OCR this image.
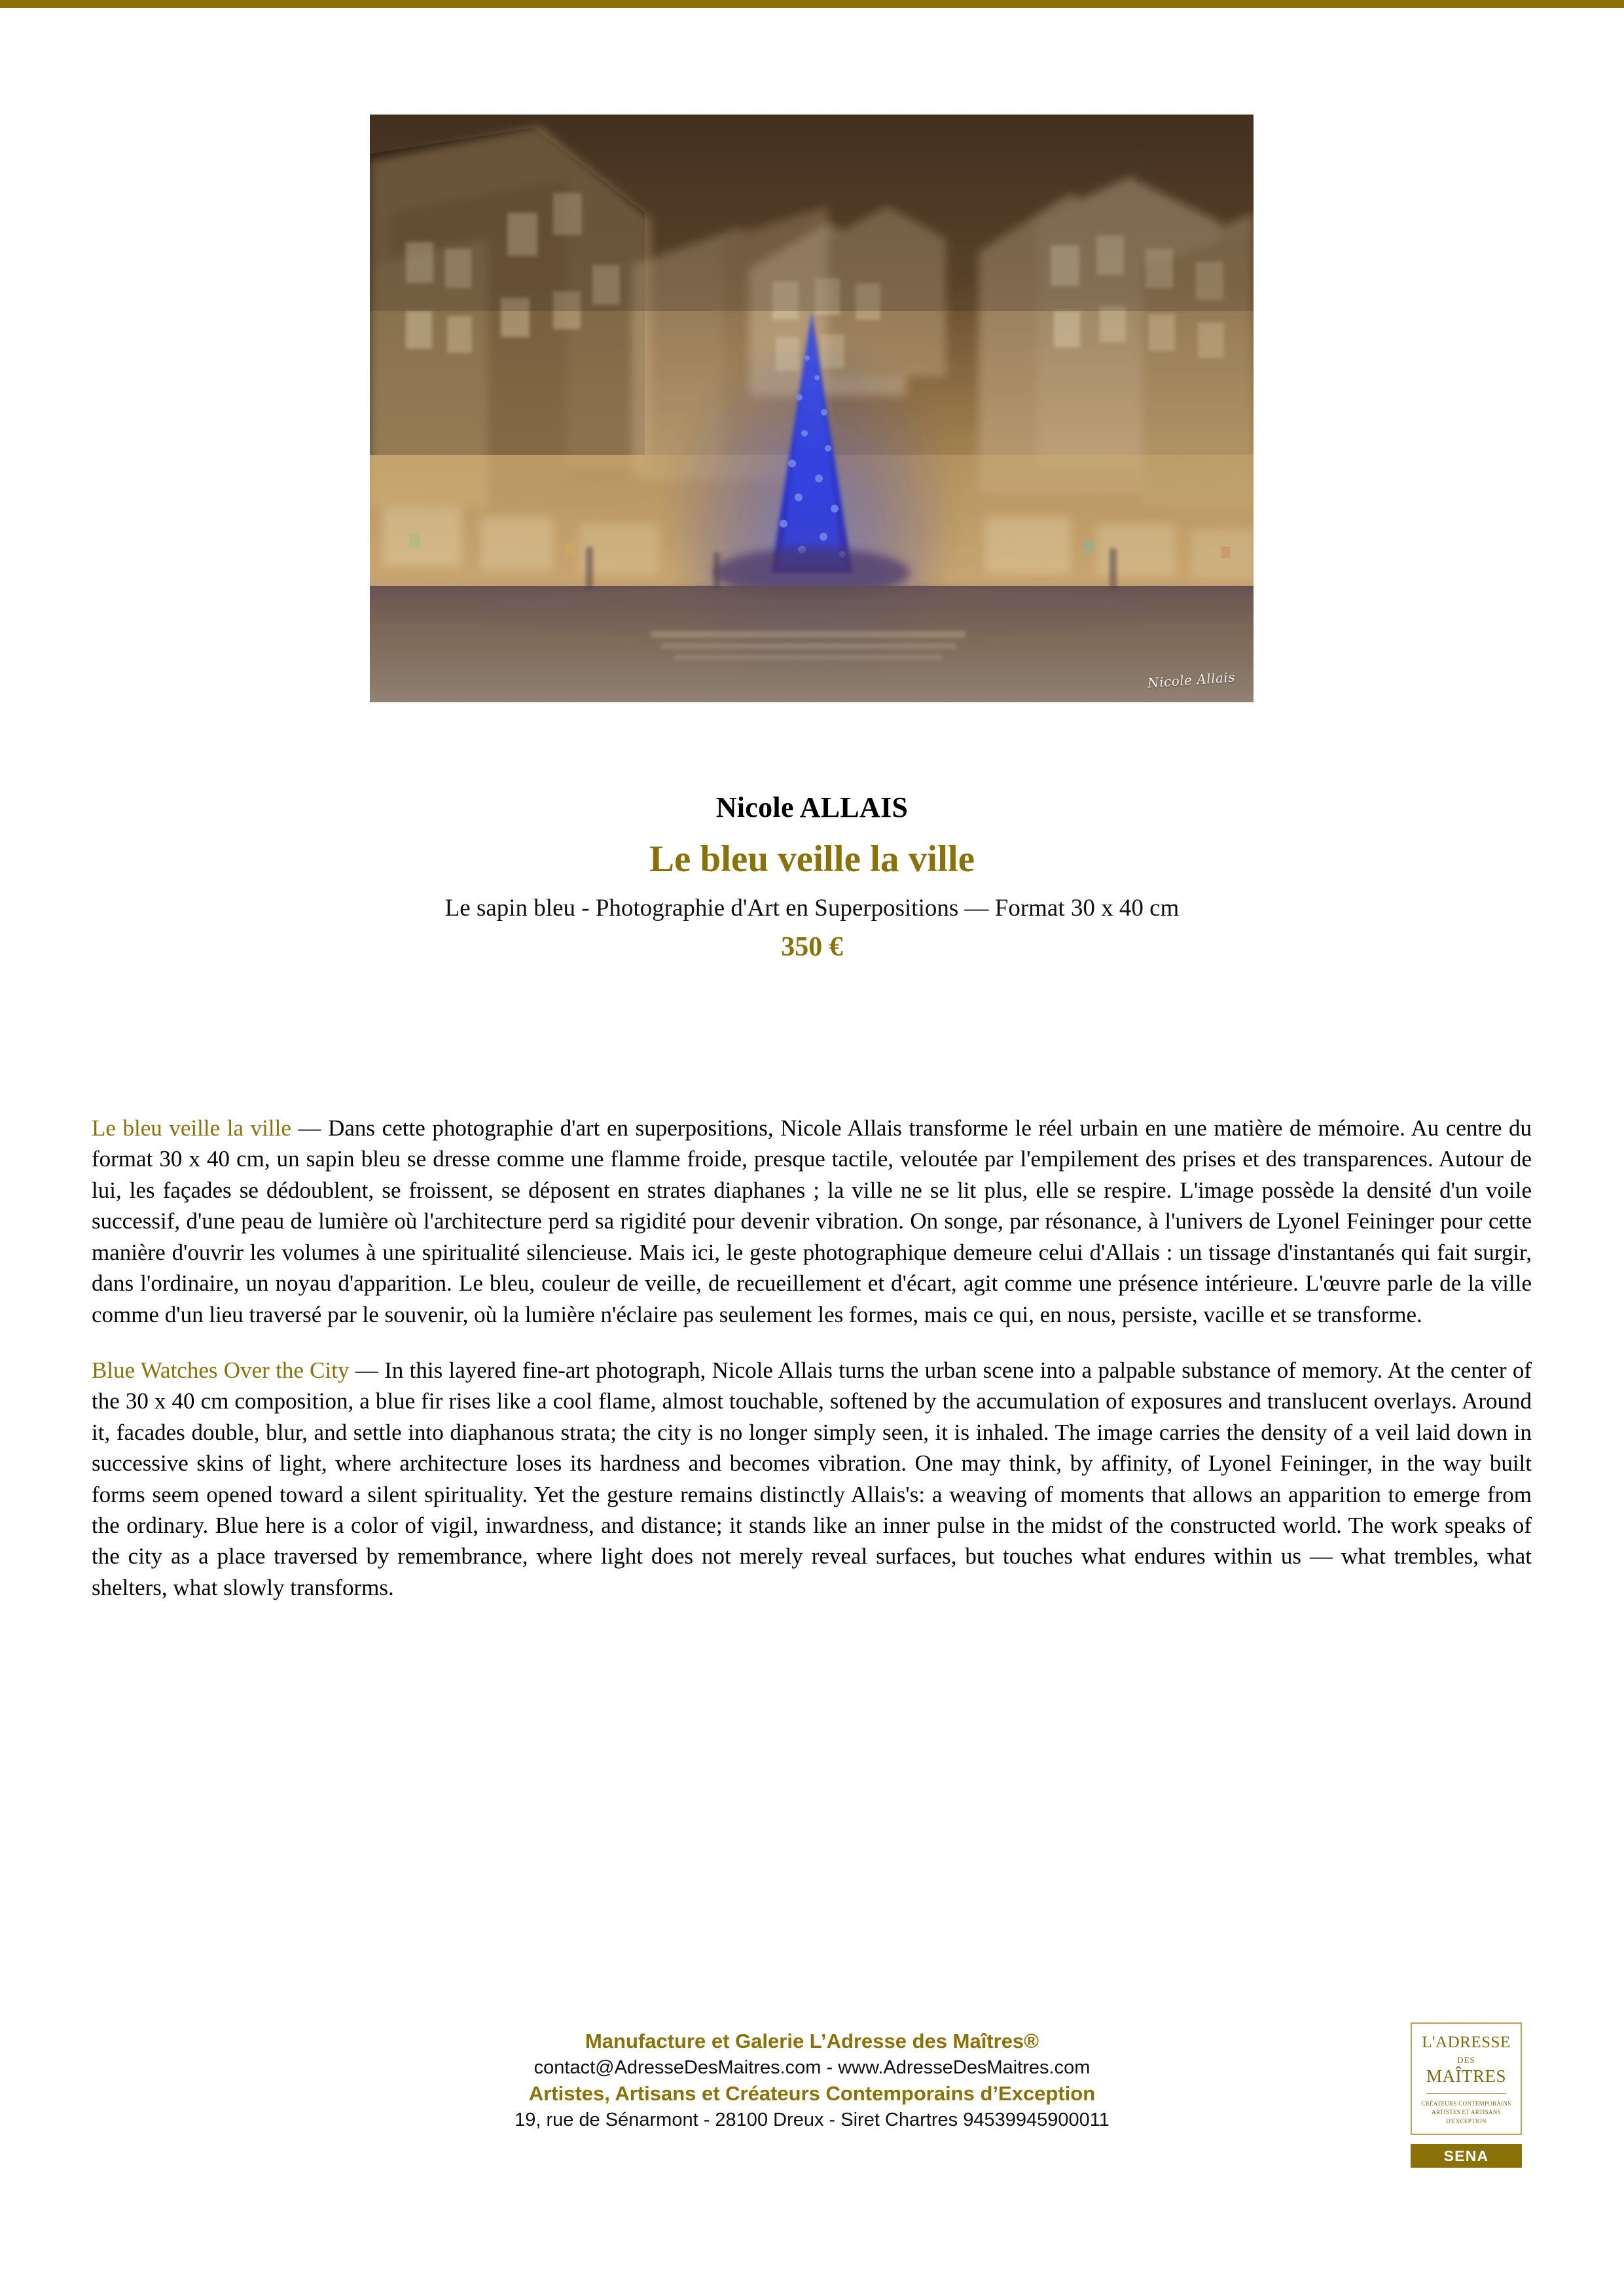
Nicole Allais
Nicole ALLAIS
Le bleu veille la ville
Le sapin bleu - Photographie d'Art en Superpositions — Format 30 x 40 cm
350 €

Le bleu veille la ville — Dans cette photographie d'art en superpositions, Nicole Allais transforme le réel urbain en une matière de mémoire. Au centre du format 30 x 40 cm, un sapin bleu se dresse comme une flamme froide, presque tactile, veloutée par l'empilement des prises et des transparences. Autour de lui, les façades se dédoublent, se froissent, se déposent en strates diaphanes ; la ville ne se lit plus, elle se respire. L'image possède la densité d'un voile successif, d'une peau de lumière où l'architecture perd sa rigidité pour devenir vibration. On songe, par résonance, à l'univers de Lyonel Feininger pour cette manière d'ouvrir les volumes à une spiritualité silencieuse. Mais ici, le geste photographique demeure celui d'Allais : un tissage d'instantanés qui fait surgir, dans l'ordinaire, un noyau d'apparition. Le bleu, couleur de veille, de recueillement et d'écart, agit comme une présence intérieure. L'œuvre parle de la ville comme d'un lieu traversé par le souvenir, où la lumière n'éclaire pas seulement les formes, mais ce qui, en nous, persiste, vacille et se transforme.

Blue Watches Over the City — In this layered fine-art photograph, Nicole Allais turns the urban scene into a palpable substance of memory. At the center of the 30 x 40 cm composition, a blue fir rises like a cool flame, almost touchable, softened by the accumulation of exposures and translucent overlays. Around it, facades double, blur, and settle into diaphanous strata; the city is no longer simply seen, it is inhaled. The image carries the density of a veil laid down in successive skins of light, where architecture loses its hardness and becomes vibration. One may think, by affinity, of Lyonel Feininger, in the way built forms seem opened toward a silent spirituality. Yet the gesture remains distinctly Allais's: a weaving of moments that allows an apparition to emerge from the ordinary. Blue here is a color of vigil, inwardness, and distance; it stands like an inner pulse in the midst of the constructed world. The work speaks of the city as a place traversed by remembrance, where light does not merely reveal surfaces, but touches what endures within us — what trembles, what shelters, what slowly transforms.

Manufacture et Galerie L’Adresse des Maîtres®
contact@AdresseDesMaitres.com - www.AdresseDesMaitres.com
Artistes, Artisans et Créateurs Contemporains d’Exception
19, rue de Sénarmont - 28100 Dreux - Siret Chartres 94539945900011
L'ADRESSE
DES
MAÎTRES
CRÉATEURS CONTEMPORAINS
ARTISTES ET ARTISANS
D'EXCEPTION
SENA
